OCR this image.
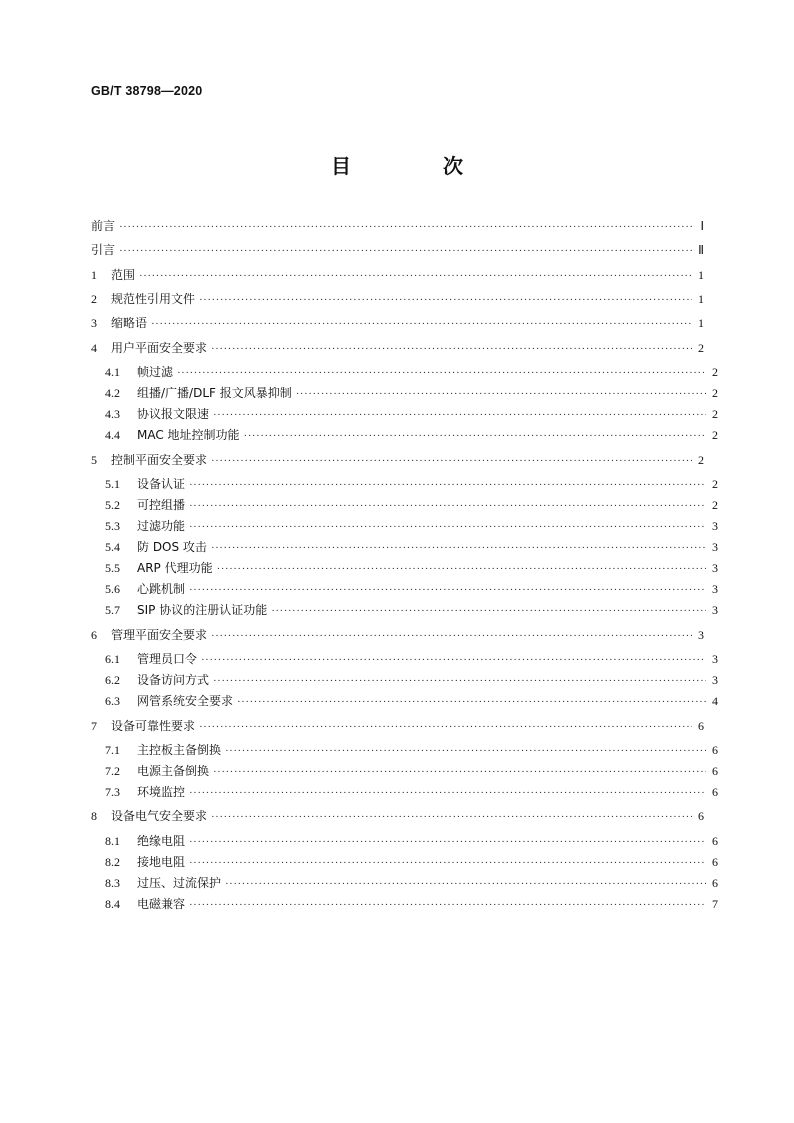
GB/T 38798—2020
目　次
前言 ·····	Ⅰ
引言 ·····	Ⅱ
1	范围 ·····	1
2	规范性引用文件 ·····	1
3	缩略语 ·····	1
4	用户平面安全要求 ·····	2
4.1	帧过滤 ·····	2
4.2	组播/广播/DLF 报文风暴抑制 ·····	2
4.3	协议报文限速 ·····	2
4.4	MAC 地址控制功能 ·····	2
5	控制平面安全要求 ·····	2
5.1	设备认证 ·····	2
5.2	可控组播 ·····	2
5.3	过滤功能 ·····	3
5.4	防 DOS 攻击 ·····	3
5.5	ARP 代理功能 ·····	3
5.6	心跳机制 ·····	3
5.7	SIP 协议的注册认证功能 ·····	3
6	管理平面安全要求 ·····	3
6.1	管理员口令 ·····	3
6.2	设备访问方式 ·····	3
6.3	网管系统安全要求 ·····	4
7	设备可靠性要求 ·····	6
7.1	主控板主备倒换 ·····	6
7.2	电源主备倒换 ·····	6
7.3	环境监控 ·····	6
8	设备电气安全要求 ·····	6
8.1	绝缘电阻 ·····	6
8.2	接地电阻 ·····	6
8.3	过压、过流保护 ·····	6
8.4	电磁兼容 ·····	7
